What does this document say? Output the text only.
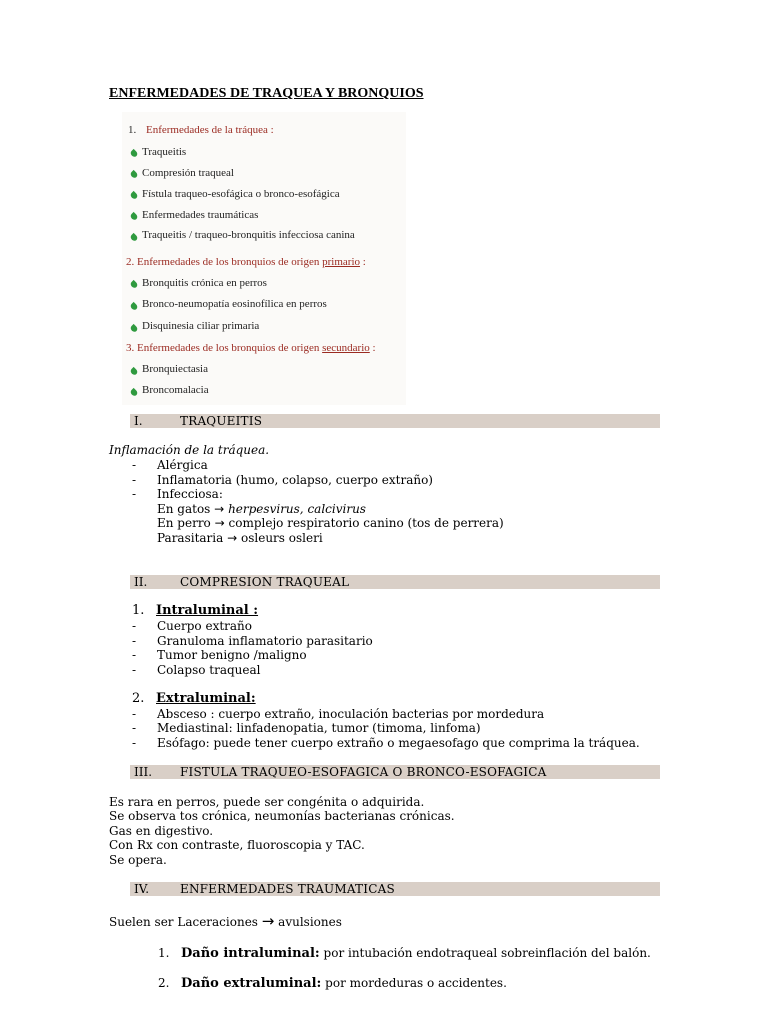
ENFERMEDADES DE TRAQUEA Y BRONQUIOS
1. Enfermedades de la tráquea :
Traqueitis
Compresión traqueal
Fístula traqueo-esofágica o bronco-esofágica
Enfermedades traumáticas
Traqueitis / traqueo-bronquitis infecciosa canina
2. Enfermedades de los bronquios de origen primario :
Bronquitis crónica en perros
Bronco-neumopatía eosinofílica en perros
Disquinesia ciliar primaria
3. Enfermedades de los bronquios de origen secundario :
Bronquiectasia
Broncomalacia
I.	TRAQUEITIS
Inflamación de la tráquea.
- Alérgica
- Inflamatoria (humo, colapso, cuerpo extraño)
- Infecciosa:
En gatos → herpesvirus, calcivirus
En perro → complejo respiratorio canino (tos de perrera)
Parasitaria → osleurs osleri
II.	COMPRESION TRAQUEAL
1. Intraluminal :
- Cuerpo extraño
- Granuloma inflamatorio parasitario
- Tumor benigno /maligno
- Colapso traqueal
2. Extraluminal:
- Absceso : cuerpo extraño, inoculación bacterias por mordedura
- Mediastinal: linfadenopatia, tumor (timoma, linfoma)
- Esófago: puede tener cuerpo extraño o megaesofago que comprima la tráquea.
III. FISTULA TRAQUEO-ESOFAGICA O BRONCO-ESOFAGICA
Es rara en perros, puede ser congénita o adquirida.
Se observa tos crónica, neumonías bacterianas crónicas.
Gas en digestivo.
Con Rx con contraste, fluoroscopia y TAC.
Se opera.
IV.	ENFERMEDADES TRAUMATICAS
Suelen ser Laceraciones → avulsiones
1. Daño intraluminal: por intubación endotraqueal sobreinflación del balón.
2. Daño extraluminal: por mordeduras o accidentes.
